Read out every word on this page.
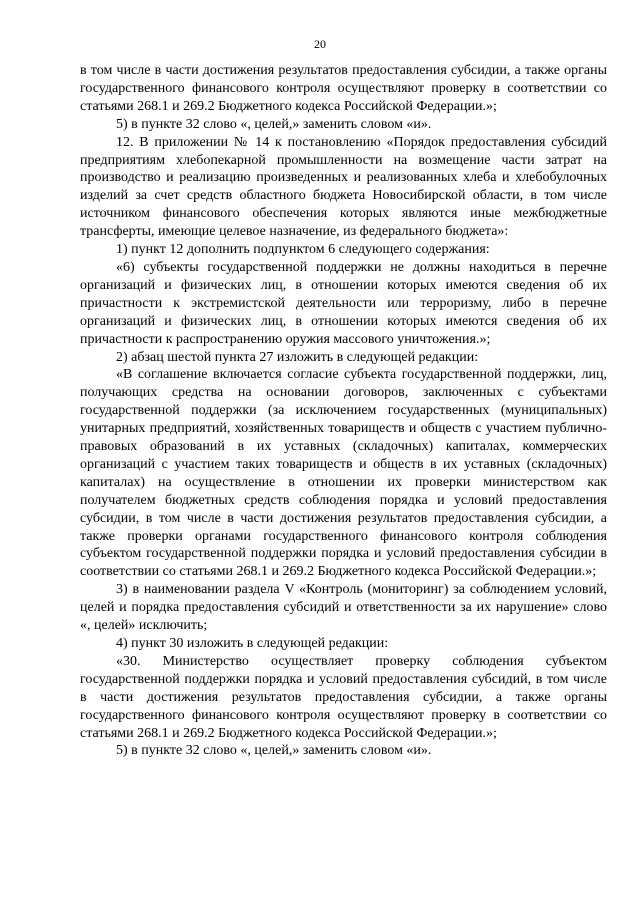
20

в том числе в части достижения результатов предоставления субсидии, а также органы государственного финансового контроля осуществляют проверку в соответствии со статьями 268.1 и 269.2 Бюджетного кодекса Российской Федерации.»;

5) в пункте 32 слово «, целей,» заменить словом «и».

12. В приложении № 14 к постановлению «Порядок предоставления субсидий предприятиям хлебопекарной промышленности на возмещение части затрат на производство и реализацию произведенных и реализованных хлеба и хлебобулочных изделий за счет средств областного бюджета Новосибирской области, в том числе источником финансового обеспечения которых являются иные межбюджетные трансферты, имеющие целевое назначение, из федерального бюджета»:

1) пункт 12 дополнить подпунктом 6 следующего содержания:

«6) субъекты государственной поддержки не должны находиться в перечне организаций и физических лиц, в отношении которых имеются сведения об их причастности к экстремистской деятельности или терроризму, либо в перечне организаций и физических лиц, в отношении которых имеются сведения об их причастности к распространению оружия массового уничтожения.»;

2) абзац шестой пункта 27 изложить в следующей редакции:

«В соглашение включается согласие субъекта государственной поддержки, лиц, получающих средства на основании договоров, заключенных с субъектами государственной поддержки (за исключением государственных (муниципальных) унитарных предприятий, хозяйственных товариществ и обществ с участием публично-правовых образований в их уставных (складочных) капиталах, коммерческих организаций с участием таких товариществ и обществ в их уставных (складочных) капиталах) на осуществление в отношении их проверки министерством как получателем бюджетных средств соблюдения порядка и условий предоставления субсидии, в том числе в части достижения результатов предоставления субсидии, а также проверки органами государственного финансового контроля соблюдения субъектом государственной поддержки порядка и условий предоставления субсидии в соответствии со статьями 268.1 и 269.2 Бюджетного кодекса Российской Федерации.»;

3) в наименовании раздела V «Контроль (мониторинг) за соблюдением условий, целей и порядка предоставления субсидий и ответственности за их нарушение» слово «, целей» исключить;

4) пункт 30 изложить в следующей редакции:

«30. Министерство осуществляет проверку соблюдения субъектом государственной поддержки порядка и условий предоставления субсидий, в том числе в части достижения результатов предоставления субсидии, а также органы государственного финансового контроля осуществляют проверку в соответствии со статьями 268.1 и 269.2 Бюджетного кодекса Российской Федерации.»;

5) в пункте 32 слово «, целей,» заменить словом «и».
